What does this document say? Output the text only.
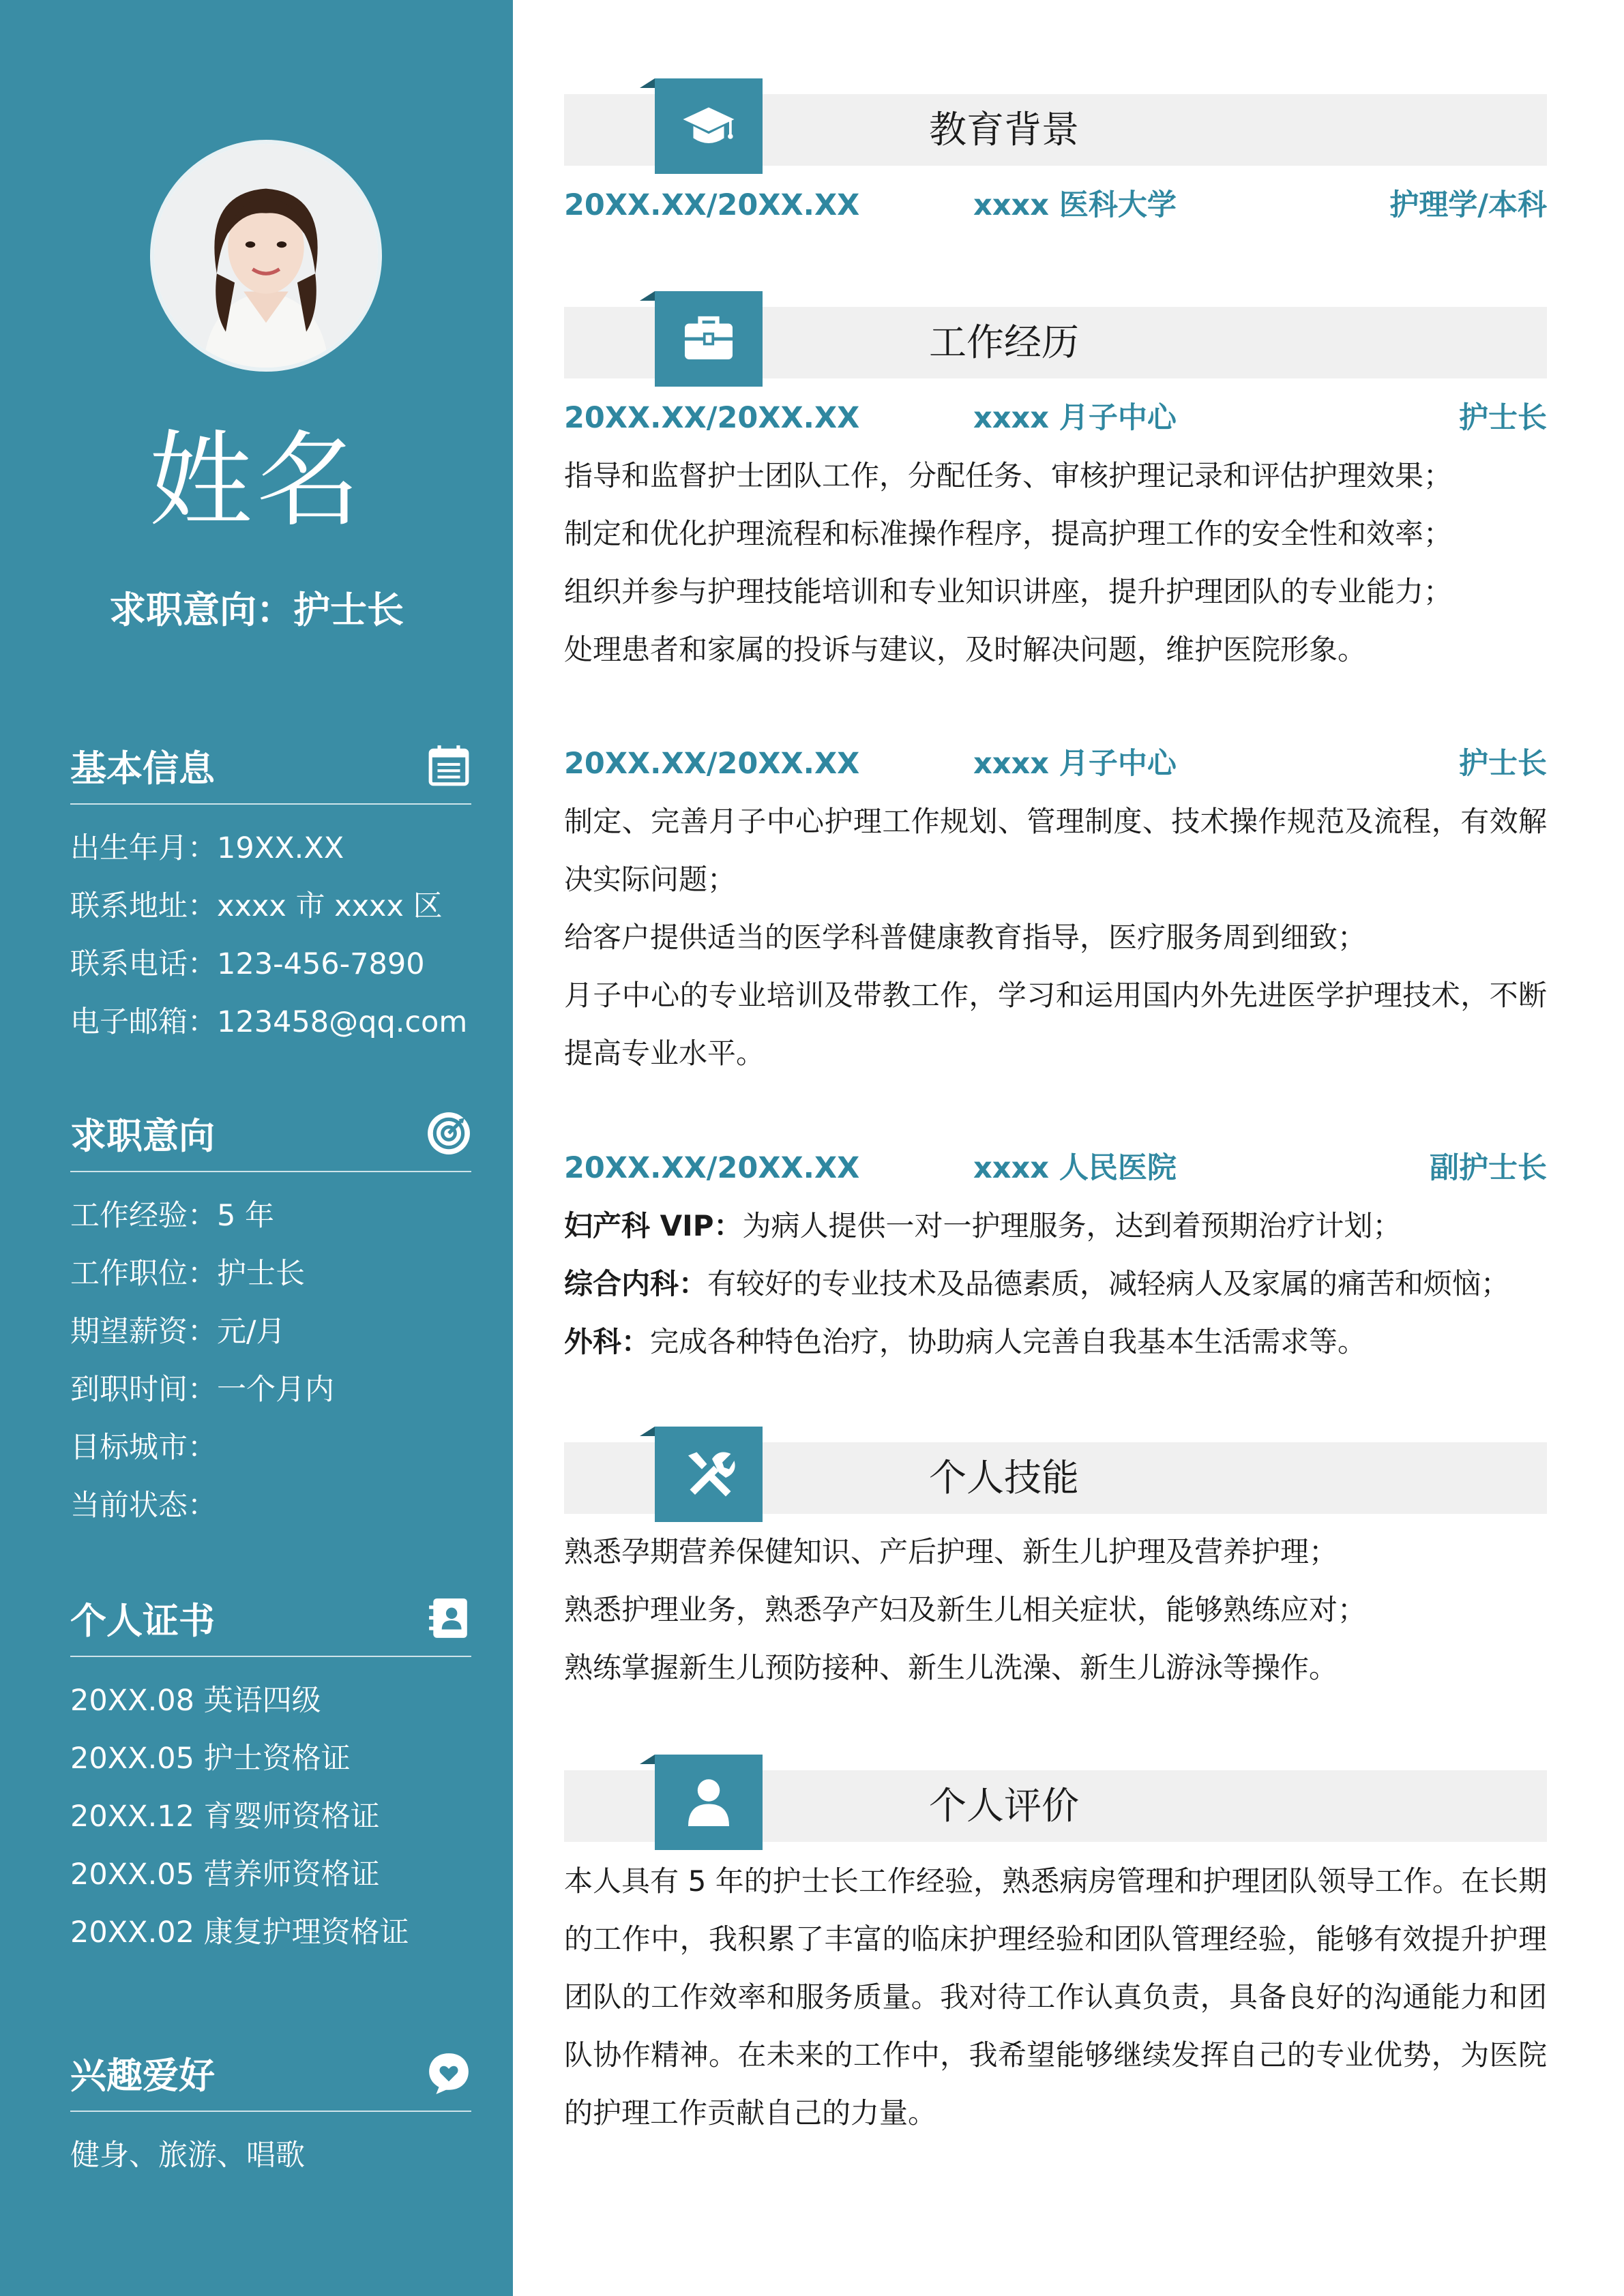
姓名
求职意向：护士长
基本信息
出生年月：19XX.XX
联系地址：xxxx 市 xxxx 区
联系电话：123-456-7890
电子邮箱：123458@qq.com
求职意向
工作经验：5 年
工作职位：护士长
期望薪资：元/月
到职时间：一个月内
目标城市：
当前状态：
个人证书
20XX.08 英语四级
20XX.05 护士资格证
20XX.12 育婴师资格证
20XX.05 营养师资格证
20XX.02 康复护理资格证
兴趣爱好
健身、旅游、唱歌
教育背景
20XX.XX/20XX.XX	xxxx 医科大学	护理学/本科
工作经历
20XX.XX/20XX.XX	xxxx 月子中心	护士长

指导和监督护士团队工作，分配任务、审核护理记录和评估护理效果；

制定和优化护理流程和标准操作程序，提高护理工作的安全性和效率；

组织并参与护理技能培训和专业知识讲座，提升护理团队的专业能力；

处理患者和家属的投诉与建议，及时解决问题，维护医院形象。

20XX.XX/20XX.XX	xxxx 月子中心	护士长

制定、完善月子中心护理工作规划、管理制度、技术操作规范及流程，有效解决实际问题；

给客户提供适当的医学科普健康教育指导，医疗服务周到细致；

月子中心的专业培训及带教工作，学习和运用国内外先进医学护理技术，不断提高专业水平。

20XX.XX/20XX.XX	xxxx 人民医院	副护士长

妇产科 VIP：为病人提供一对一护理服务，达到着预期治疗计划；

综合内科：有较好的专业技术及品德素质，减轻病人及家属的痛苦和烦恼；

外科：完成各种特色治疗，协助病人完善自我基本生活需求等。

个人技能

熟悉孕期营养保健知识、产后护理、新生儿护理及营养护理；

熟悉护理业务，熟悉孕产妇及新生儿相关症状，能够熟练应对；

熟练掌握新生儿预防接种、新生儿洗澡、新生儿游泳等操作。

个人评价

本人具有 5 年的护士长工作经验，熟悉病房管理和护理团队领导工作。在长期的工作中，我积累了丰富的临床护理经验和团队管理经验，能够有效提升护理团队的工作效率和服务质量。我对待工作认真负责，具备良好的沟通能力和团队协作精神。在未来的工作中，我希望能够继续发挥自己的专业优势，为医院的护理工作贡献自己的力量。
